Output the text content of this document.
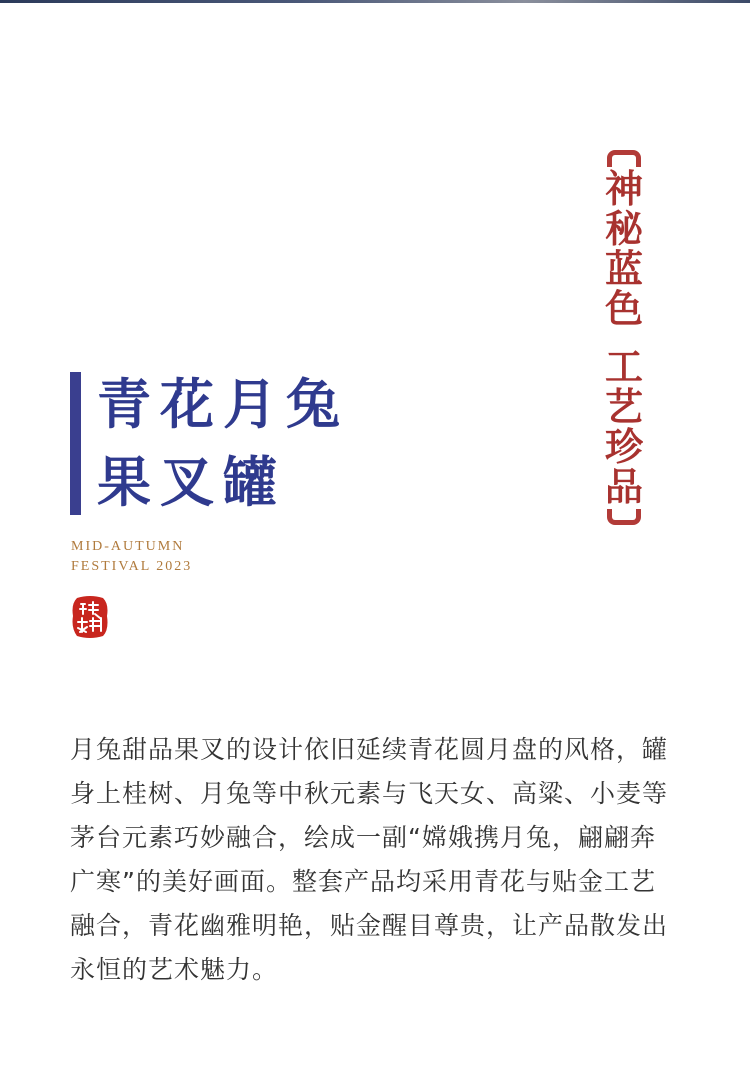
神
秘
蓝
色
工
艺
珍
品
青花月兔
果叉罐
MID-AUTUMN
FESTIVAL 2023
月兔甜品果叉的设计依旧延续青花圆月盘的风格，罐
身上桂树、月兔等中秋元素与飞天女、高粱、小麦等
茅台元素巧妙融合，绘成一副“嫦娥携月兔，翩翩奔
广寒”的美好画面。整套产品均采用青花与贴金工艺
融合，青花幽雅明艳，贴金醒目尊贵，让产品散发出
永恒的艺术魅力。
